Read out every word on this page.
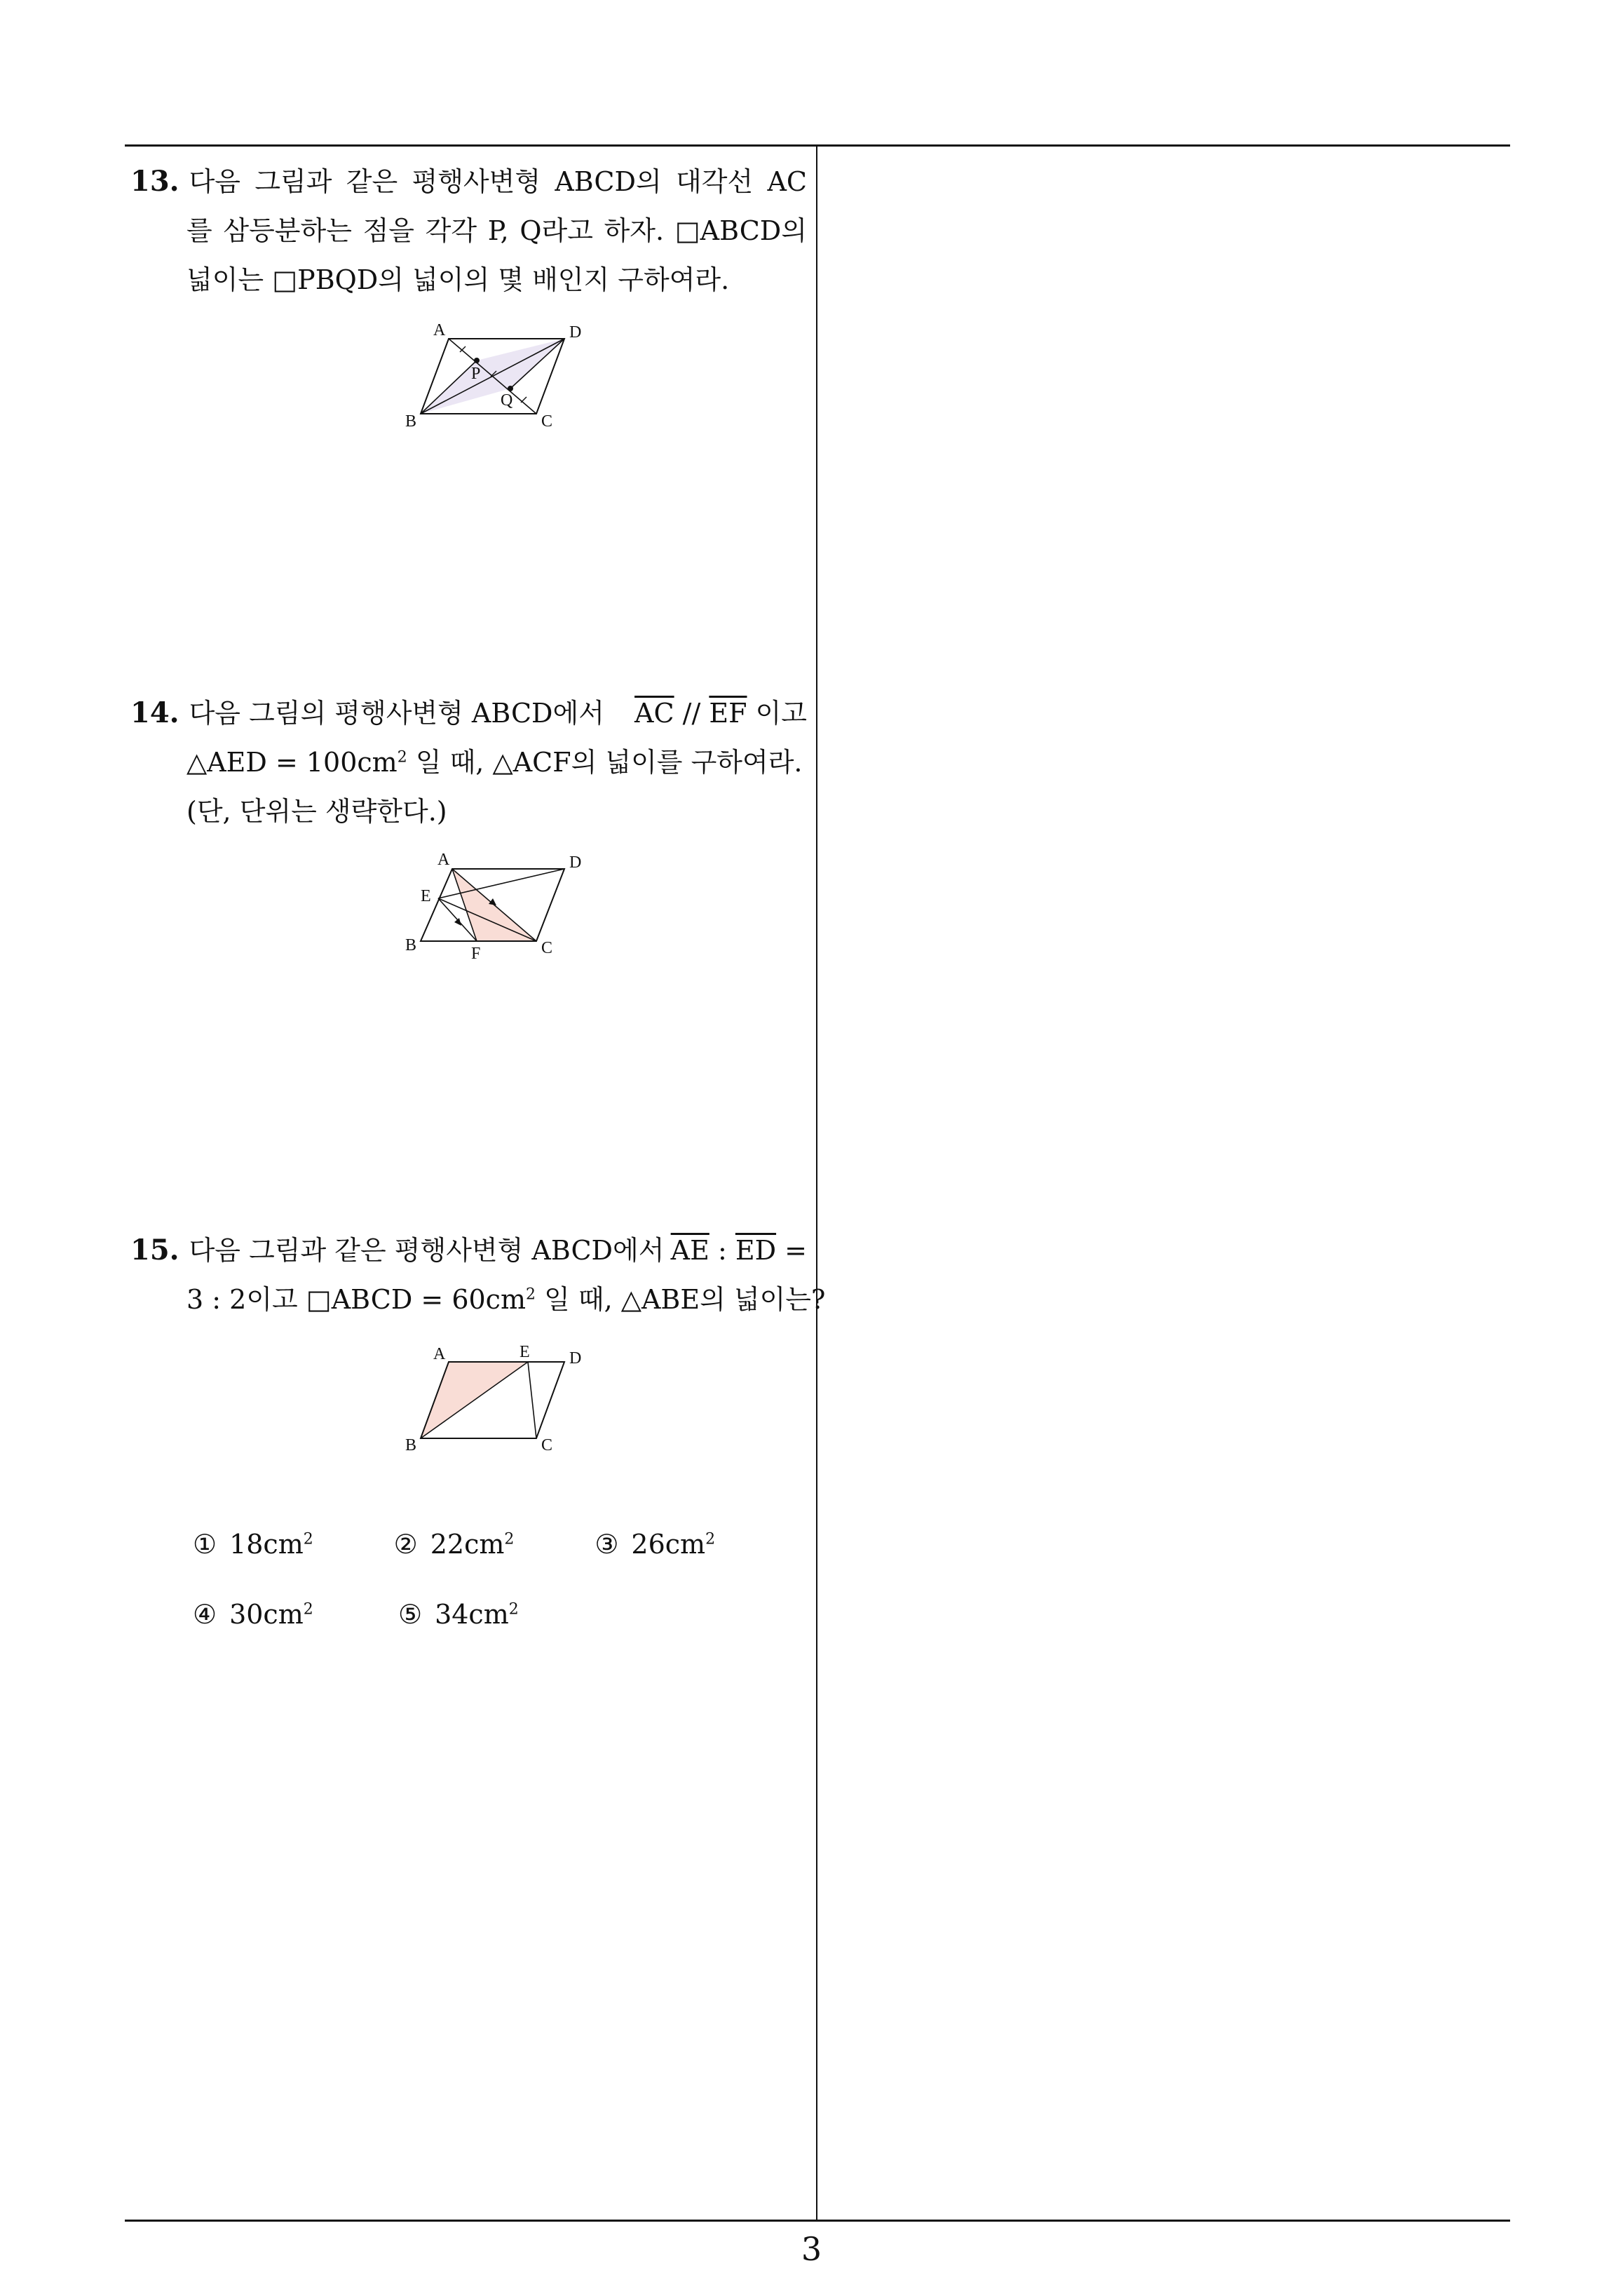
13. 다음 그림과 같은 평행사변형 ABCD의 대각선 AC
를 삼등분하는 점을 각각 P, Q라고 하자. □ABCD의
넓이는 □PBQD의 넓이의 몇 배인지 구하여라.
A	D
B	C
P
Q
14. 다음 그림의 평행사변형 ABCD에서 $\overline{AC} // \overline{EF}$ 이고
△AED = $100cm^2$ 일 때, △ACF의 넓이를 구하여라.
(단, 단위는 생략한다.)
A	D
E
B	F	C
15. 다음 그림과 같은 평행사변형 ABCD에서 $\overline{AE}$ : $\overline{ED}$ =
3 : 2이고 □ABCD = $60cm^2$ 일 때, △ABE의 넓이는?
A	E D
B	C
① $18cm^2$	② $22cm^2$	③ $26cm^2$
④ $30cm^2$	⑤ $34cm^2$
3
